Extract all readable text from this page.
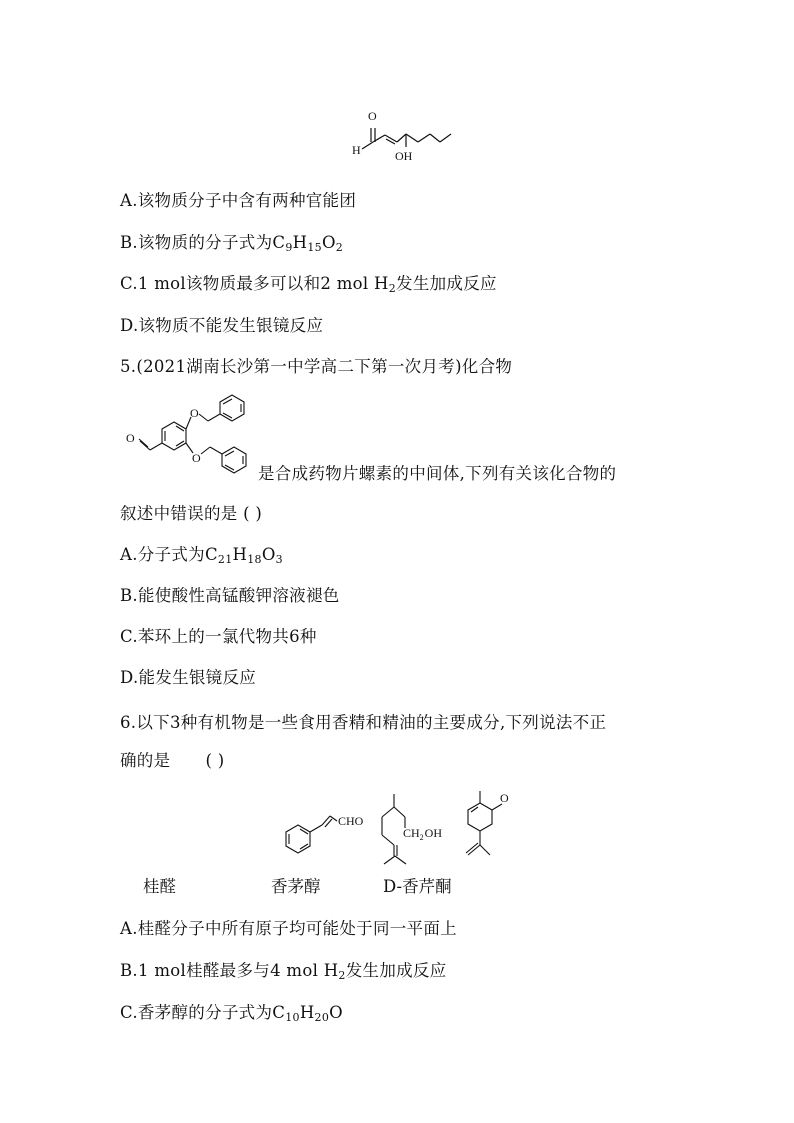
O
H	OH
A.该物质分子中含有两种官能团
B.该物质的分子式为$C_9H_{15}O_2$
C.1 mol该物质最多可以和2 mol $H_2$发生加成反应
D.该物质不能发生银镜反应
5.(2021湖南长沙第一中学高二下第一次月考)化合物
O
O
O
是合成药物片螺素的中间体,下列有关该化合物的
叙述中错误的是 ( )
A.分子式为$C_{21}H_{18}O_3$
B.能使酸性高锰酸钾溶液褪色
C.苯环上的一氯代物共6种
D.能发生银镜反应
6.以下3种有机物是一些食用香精和精油的主要成分,下列说法不正
确的是 ( )
CHO
$CH_2OH$
O
桂醛	香茅醇	D-香芹酮
A.桂醛分子中所有原子均可能处于同一平面上
B.1 mol桂醛最多与4 mol $H_2$发生加成反应
C.香茅醇的分子式为$C_{10}H_{20}O$
